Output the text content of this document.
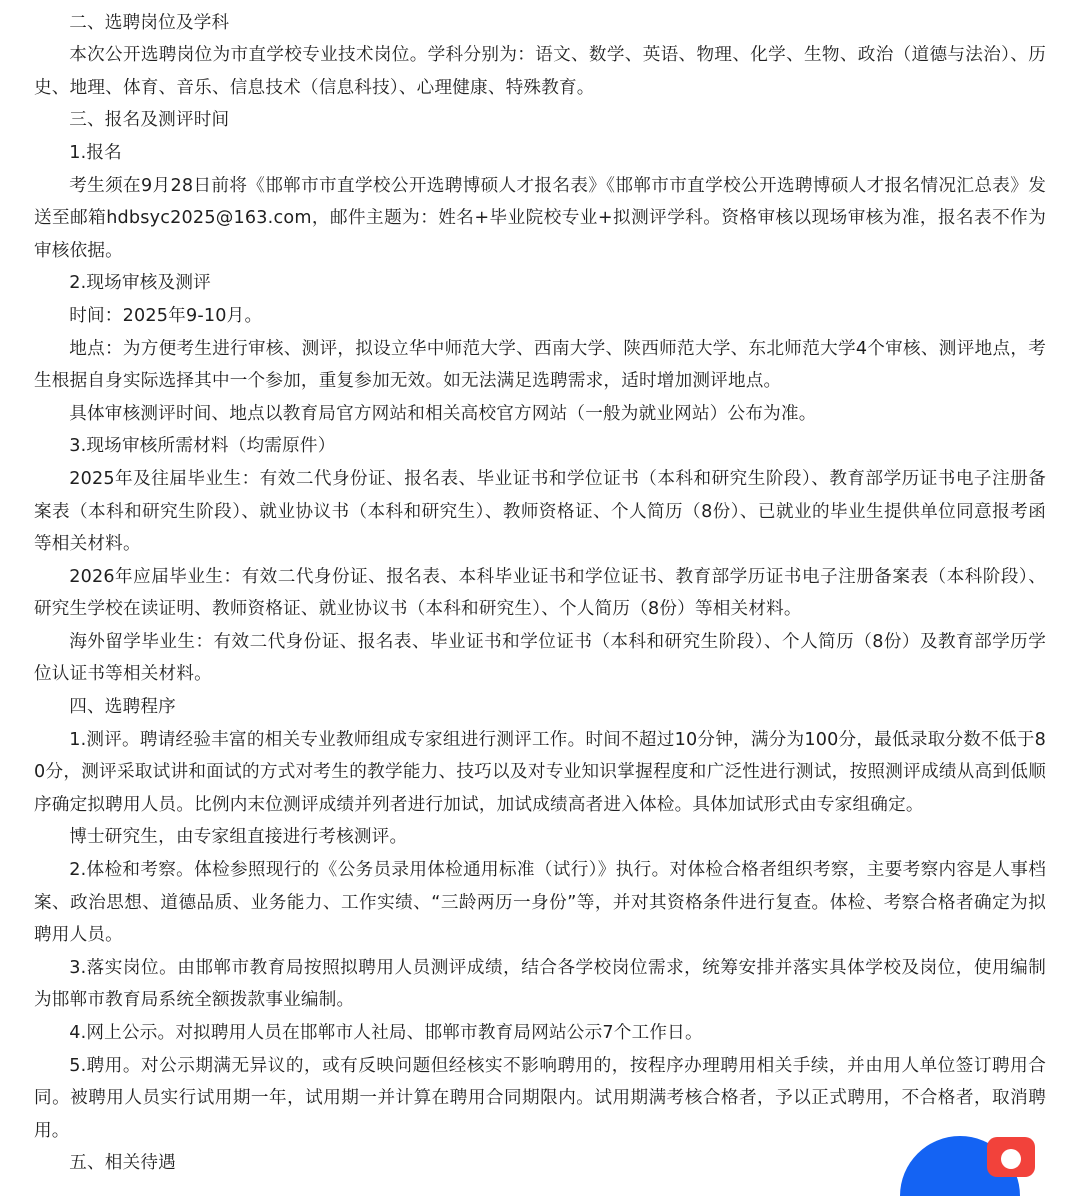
二、选聘岗位及学科

本次公开选聘岗位为市直学校专业技术岗位。学科分别为：语文、数学、英语、物理、化学、生物、政治（道德与法治）、历史、地理、体育、音乐、信息技术（信息科技）、心理健康、特殊教育。

三、报名及测评时间

1.报名

考生须在9月28日前将《邯郸市市直学校公开选聘博硕人才报名表》《邯郸市市直学校公开选聘博硕人才报名情况汇总表》发送至邮箱hdbsyc2025@163.com，邮件主题为：姓名+毕业院校专业+拟测评学科。资格审核以现场审核为准，报名表不作为审核依据。

2.现场审核及测评

时间：2025年9-10月。

地点：为方便考生进行审核、测评，拟设立华中师范大学、西南大学、陕西师范大学、东北师范大学4个审核、测评地点，考生根据自身实际选择其中一个参加，重复参加无效。如无法满足选聘需求，适时增加测评地点。

具体审核测评时间、地点以教育局官方网站和相关高校官方网站（一般为就业网站）公布为准。

3.现场审核所需材料（均需原件）

2025年及往届毕业生：有效二代身份证、报名表、毕业证书和学位证书（本科和研究生阶段）、教育部学历证书电子注册备案表（本科和研究生阶段）、就业协议书（本科和研究生）、教师资格证、个人简历（8份）、已就业的毕业生提供单位同意报考函等相关材料。

2026年应届毕业生：有效二代身份证、报名表、本科毕业证书和学位证书、教育部学历证书电子注册备案表（本科阶段）、研究生学校在读证明、教师资格证、就业协议书（本科和研究生）、个人简历（8份）等相关材料。

海外留学毕业生：有效二代身份证、报名表、毕业证书和学位证书（本科和研究生阶段）、个人简历（8份）及教育部学历学位认证书等相关材料。

四、选聘程序

1.测评。聘请经验丰富的相关专业教师组成专家组进行测评工作。时间不超过10分钟，满分为100分，最低录取分数不低于80分，测评采取试讲和面试的方式对考生的教学能力、技巧以及对专业知识掌握程度和广泛性进行测试，按照测评成绩从高到低顺序确定拟聘用人员。比例内末位测评成绩并列者进行加试，加试成绩高者进入体检。具体加试形式由专家组确定。

博士研究生，由专家组直接进行考核测评。

2.体检和考察。体检参照现行的《公务员录用体检通用标准（试行）》执行。对体检合格者组织考察，主要考察内容是人事档案、政治思想、道德品质、业务能力、工作实绩、“三龄两历一身份”等，并对其资格条件进行复查。体检、考察合格者确定为拟聘用人员。

3.落实岗位。由邯郸市教育局按照拟聘用人员测评成绩，结合各学校岗位需求，统筹安排并落实具体学校及岗位，使用编制为邯郸市教育局系统全额拨款事业编制。

4.网上公示。对拟聘用人员在邯郸市人社局、邯郸市教育局网站公示7个工作日。

5.聘用。对公示期满无异议的，或有反映问题但经核实不影响聘用的，按程序办理聘用相关手续，并由用人单位签订聘用合同。被聘用人员实行试用期一年，试用期一并计算在聘用合同期限内。试用期满考核合格者，予以正式聘用，不合格者，取消聘用。

五、相关待遇
